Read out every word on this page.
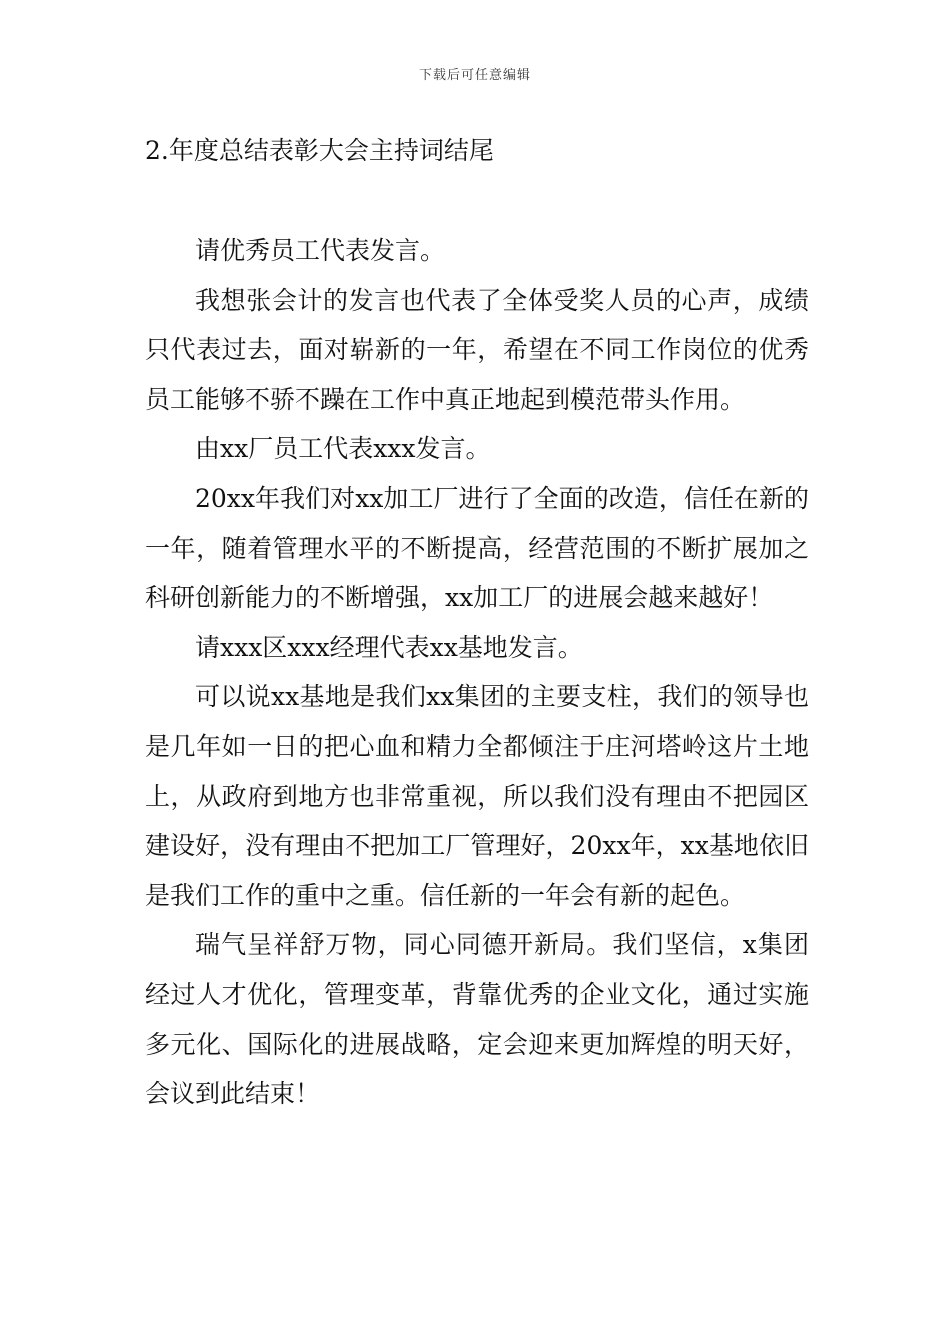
下载后可任意编辑
2.年度总结表彰大会主持词结尾

请优秀员工代表发言。

我想张会计的发言也代表了全体受奖人员的心声，成绩只代表过去，面对崭新的一年，希望在不同工作岗位的优秀员工能够不骄不躁在工作中真正地起到模范带头作用。

由xx厂员工代表xxx发言。

20xx年我们对xx加工厂进行了全面的改造，信任在新的一年，随着管理水平的不断提高，经营范围的不断扩展加之科研创新能力的不断增强，xx加工厂的进展会越来越好！

请xxx区xxx经理代表xx基地发言。

可以说xx基地是我们xx集团的主要支柱，我们的领导也是几年如一日的把心血和精力全都倾注于庄河塔岭这片土地上，从政府到地方也非常重视，所以我们没有理由不把园区建设好，没有理由不把加工厂管理好，20xx年，xx基地依旧是我们工作的重中之重。信任新的一年会有新的起色。

瑞气呈祥舒万物，同心同德开新局。我们坚信，x集团经过人才优化，管理变革，背靠优秀的企业文化，通过实施多元化、国际化的进展战略，定会迎来更加辉煌的明天好，会议到此结束！
